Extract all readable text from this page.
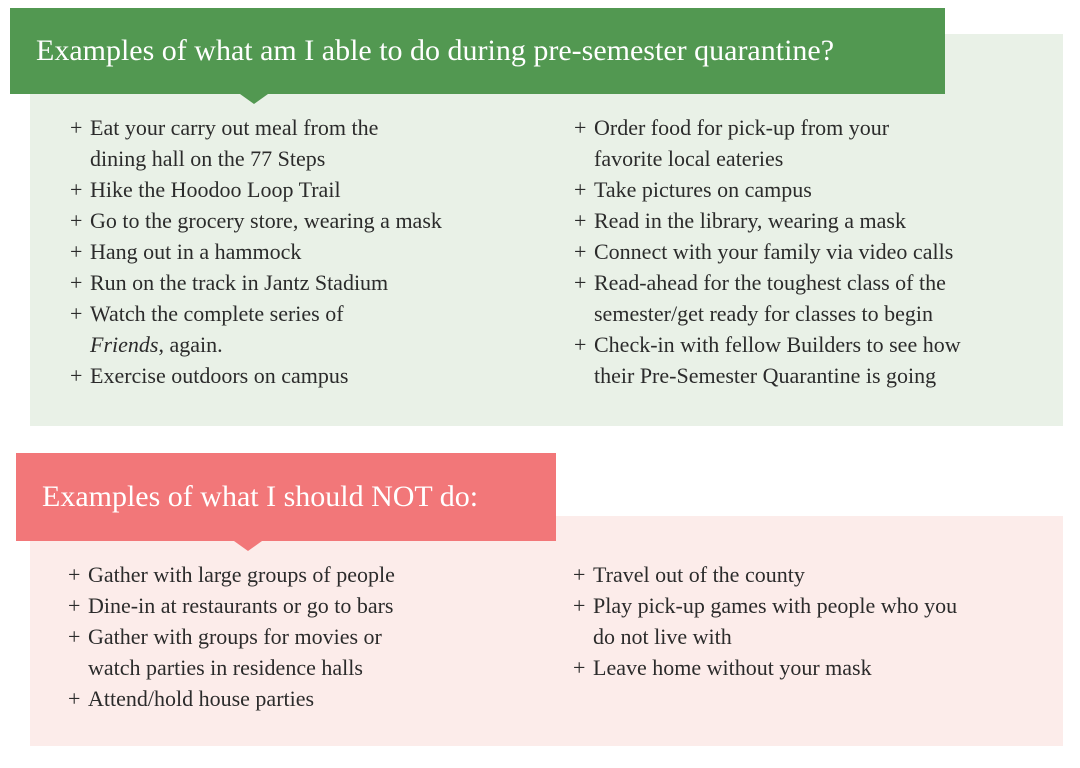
Examples of what am I able to do during pre-semester quarantine?
+ Eat your carry out meal from the
dining hall on the 77 Steps
+ Hike the Hoodoo Loop Trail
+ Go to the grocery store, wearing a mask
+ Hang out in a hammock
+ Run on the track in Jantz Stadium
+ Watch the complete series of
Friends, again.
+ Exercise outdoors on campus
+ Order food for pick-up from your
favorite local eateries
+ Take pictures on campus
+ Read in the library, wearing a mask
+ Connect with your family via video calls
+ Read-ahead for the toughest class of the
semester/get ready for classes to begin
+ Check-in with fellow Builders to see how
their Pre-Semester Quarantine is going
Examples of what I should NOT do:
+ Gather with large groups of people
+ Dine-in at restaurants or go to bars
+ Gather with groups for movies or
watch parties in residence halls
+ Attend/hold house parties
+ Travel out of the county
+ Play pick-up games with people who you
do not live with
+ Leave home without your mask
